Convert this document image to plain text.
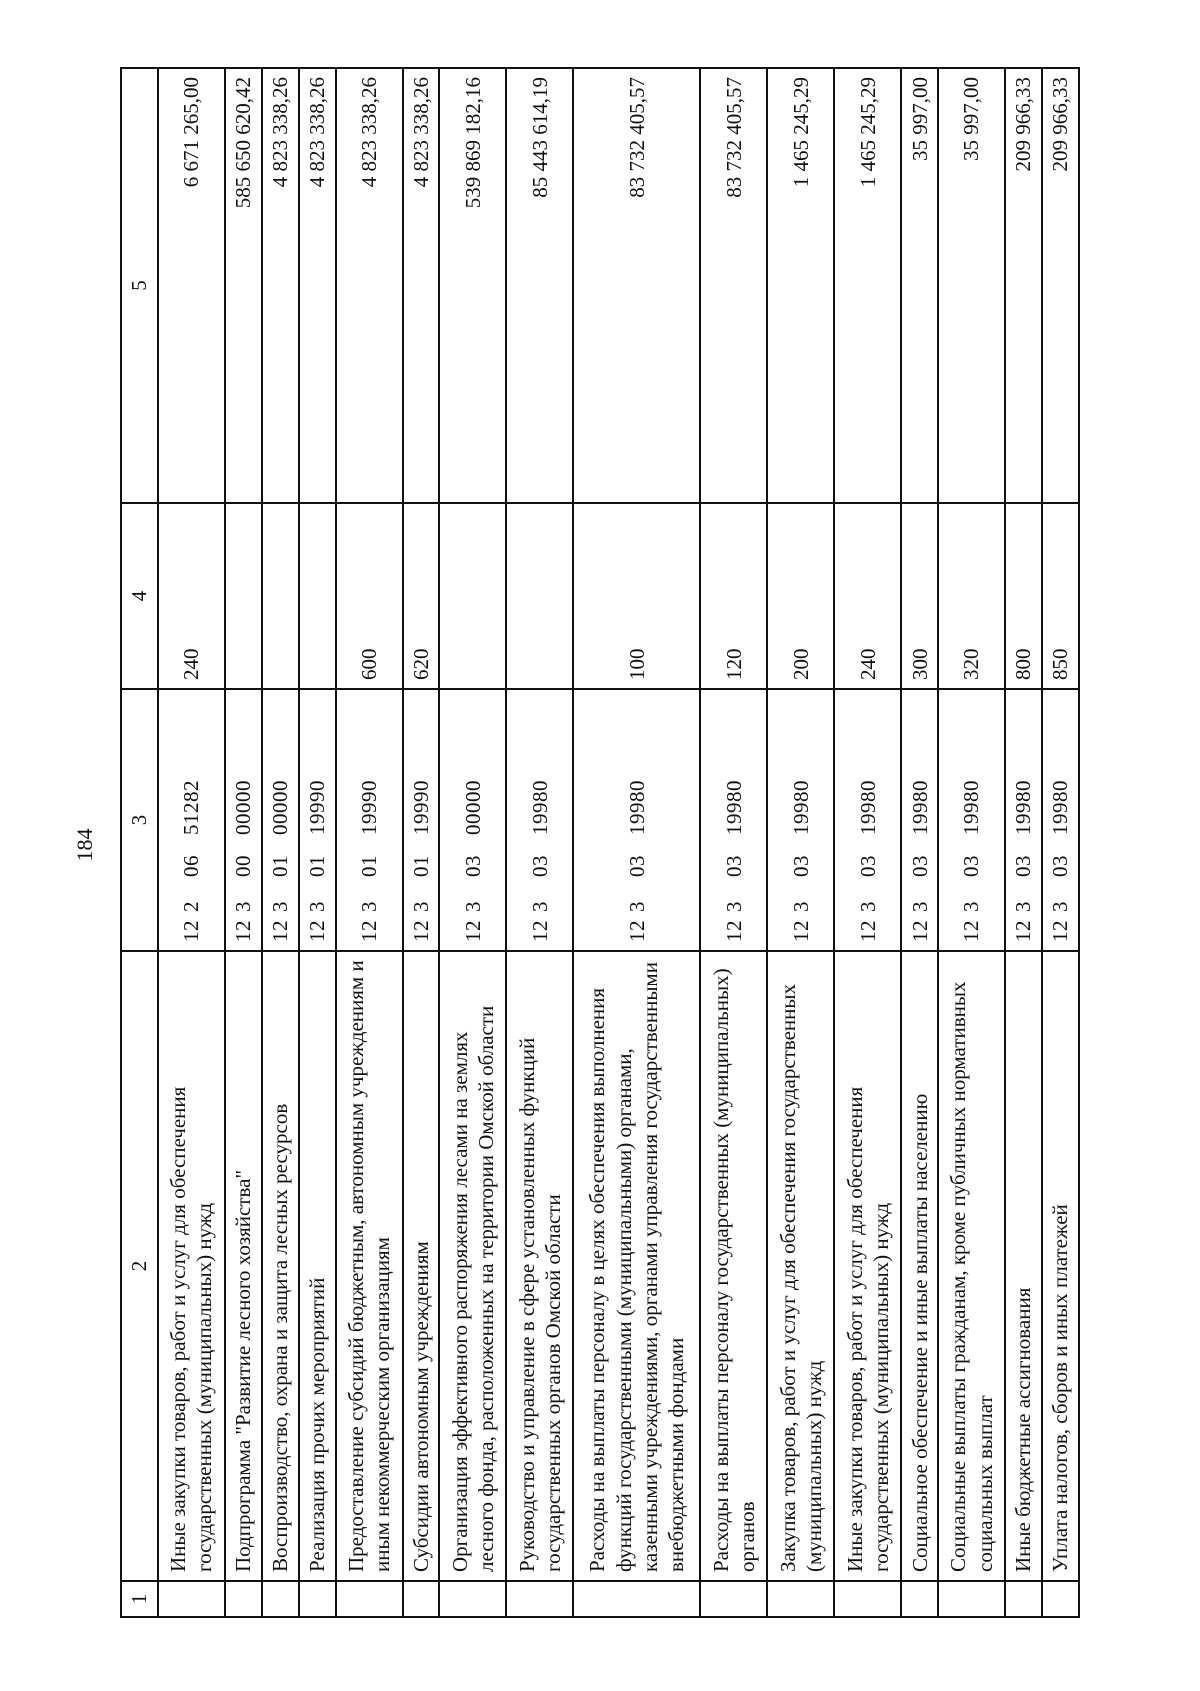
184
1	2	3	4	5
	Иные закупки товаров, работ и услуг для обеспечения государственных (муниципальных) нужд	1220651282	240	6 671 265,00
	Подпрограмма "Развитие лесного хозяйства"	1230000000		585 650 620,42
	Воспроизводство, охрана и защита лесных ресурсов	1230100000		4 823 338,26
	Реализация прочих мероприятий	1230119990		4 823 338,26
	Предоставление субсидий бюджетным, автономным учреждениям и иным некоммерческим организациям	1230119990	600	4 823 338,26
	Субсидии автономным учреждениям	1230119990	620	4 823 338,26
	Организация эффективного распоряжения лесами на землях лесного фонда, расположенных на территории Омской области	1230300000		539 869 182,16
	Руководство и управление в сфере установленных функций государственных органов Омской области	1230319980		85 443 614,19
	Расходы на выплаты персоналу в целях обеспечения выполнения функций государственными (муниципальными) органами, казенными учреждениями, органами управления государственными внебюджетными фондами	1230319980	100	83 732 405,57
	Расходы на выплаты персоналу государственных (муниципальных) органов	1230319980	120	83 732 405,57
	Закупка товаров, работ и услуг для обеспечения государственных (муниципальных) нужд	1230319980	200	1 465 245,29
	Иные закупки товаров, работ и услуг для обеспечения государственных (муниципальных) нужд	1230319980	240	1 465 245,29
	Социальное обеспечение и иные выплаты населению	1230319980	300	35 997,00
	Социальные выплаты гражданам, кроме публичных нормативных социальных выплат	1230319980	320	35 997,00
	Иные бюджетные ассигнования	1230319980	800	209 966,33
	Уплата налогов, сборов и иных платежей	1230319980	850	209 966,33
